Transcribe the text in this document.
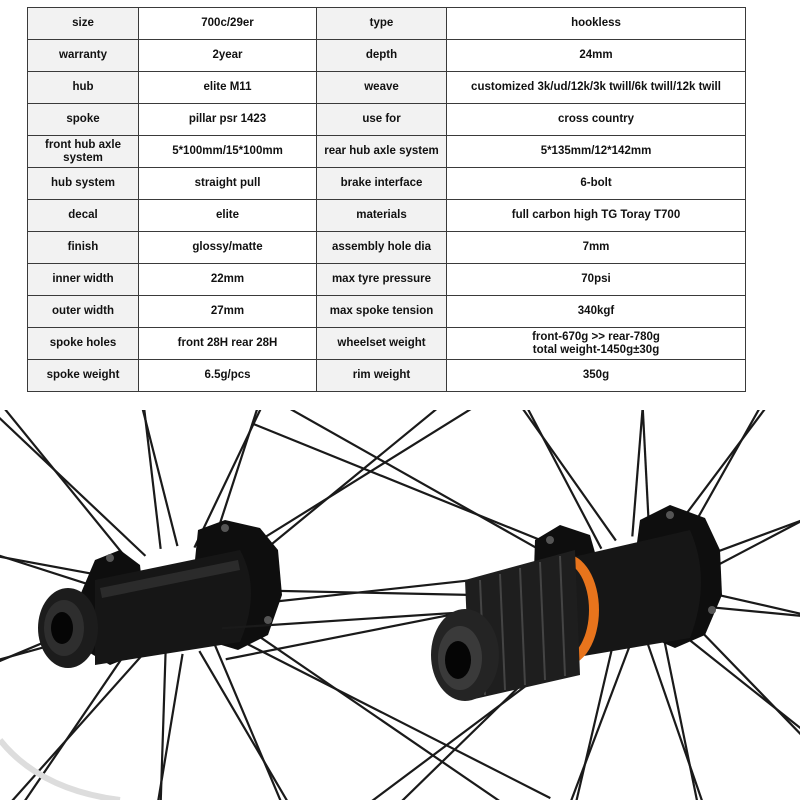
size	700c/29er	type	hookless

warranty	2year	depth	24mm

hub	elite M11	weave	customized 3k/ud/12k/3k twill/6k twill/12k twill

spoke	pillar psr 1423	use for	cross country

front hub axle system	5*100mm/15*100mm	rear hub axle system	5*135mm/12*142mm

hub system	straight pull	brake interface	6-bolt

decal	elite	materials	full carbon high TG Toray T700

finish	glossy/matte	assembly hole dia	7mm

inner width	22mm	max tyre pressure	70psi

outer width	27mm	max spoke tension	340kgf

spoke holes	front 28H rear 28H	wheelset weight	front-670g >> rear-780g
total weight-1450g±30g

spoke weight	6.5g/pcs	rim weight	350g
